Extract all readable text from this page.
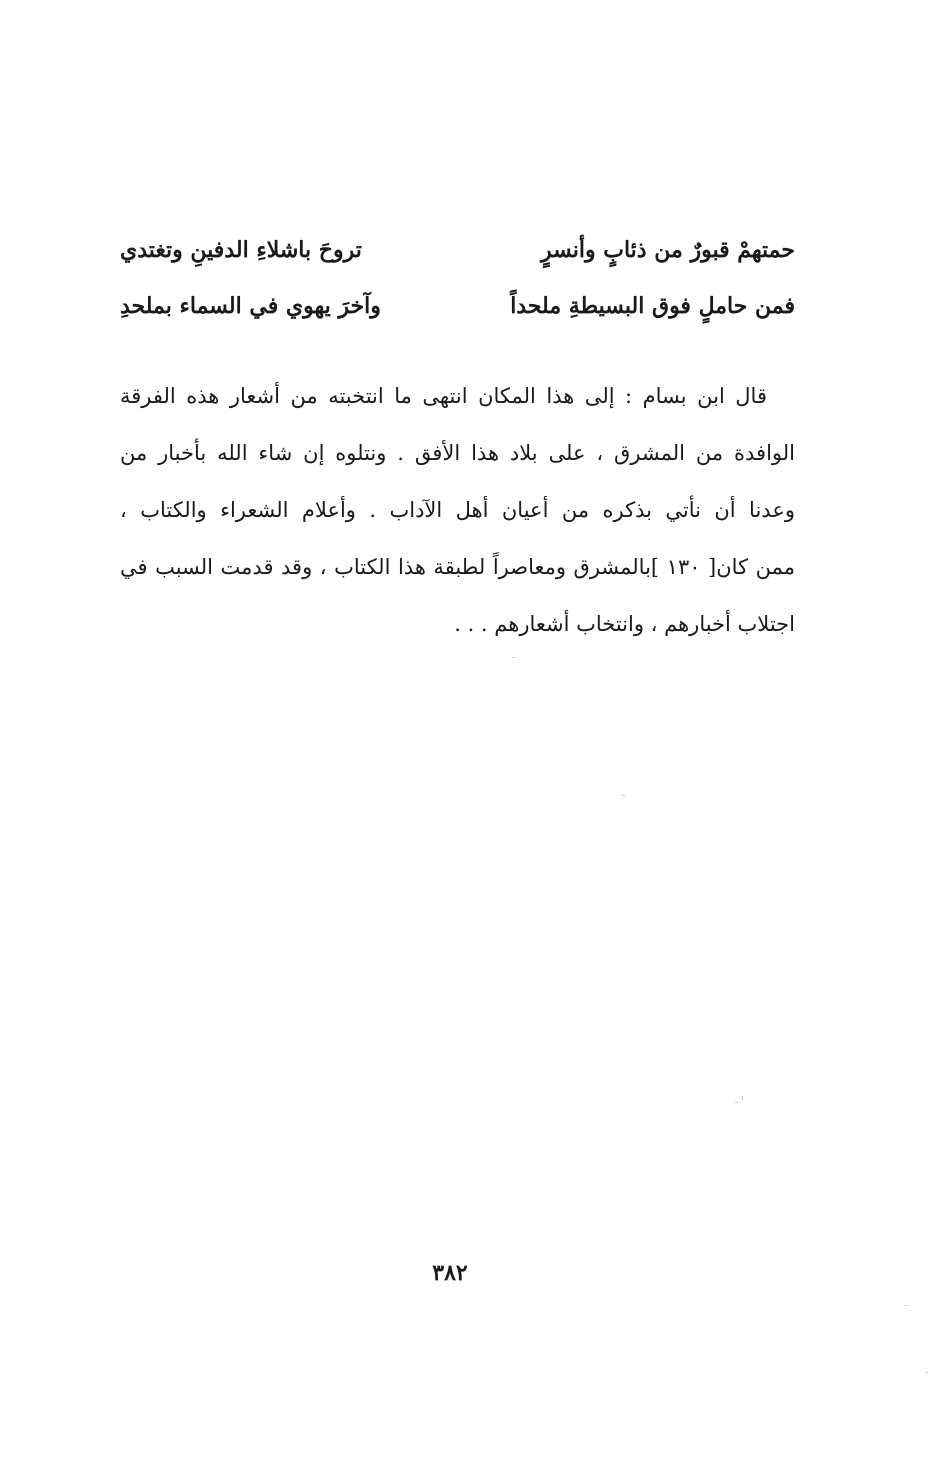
حمتهمْ قبورٌ من ذئابٍ وأنسرٍ
تروحَ باشلاءِ الدفينِ وتغتدي
فمن حاملٍ فوق البسيطةِ ملحداً
وآخرَ يهوي في السماء بملحدِ
قال ابن بسام : إلى هذا المكان انتهى ما انتخبته من أشعار هذه الفرقة
الوافدة من المشرق ، على بلاد هذا الأفق . ونتلوه إن شاء الله بأخبار من
وعدنا أن نأتي بذكره من أعيان أهل الآداب . وأعلام الشعراء والكتاب ،
ممن كان[ ١٣٠ ]بالمشرق ومعاصراً لطبقة هذا الكتاب ، وقد قدمت السبب في
اجتلاب أخبارهم ، وانتخاب أشعارهم . . .
٣٨٢
